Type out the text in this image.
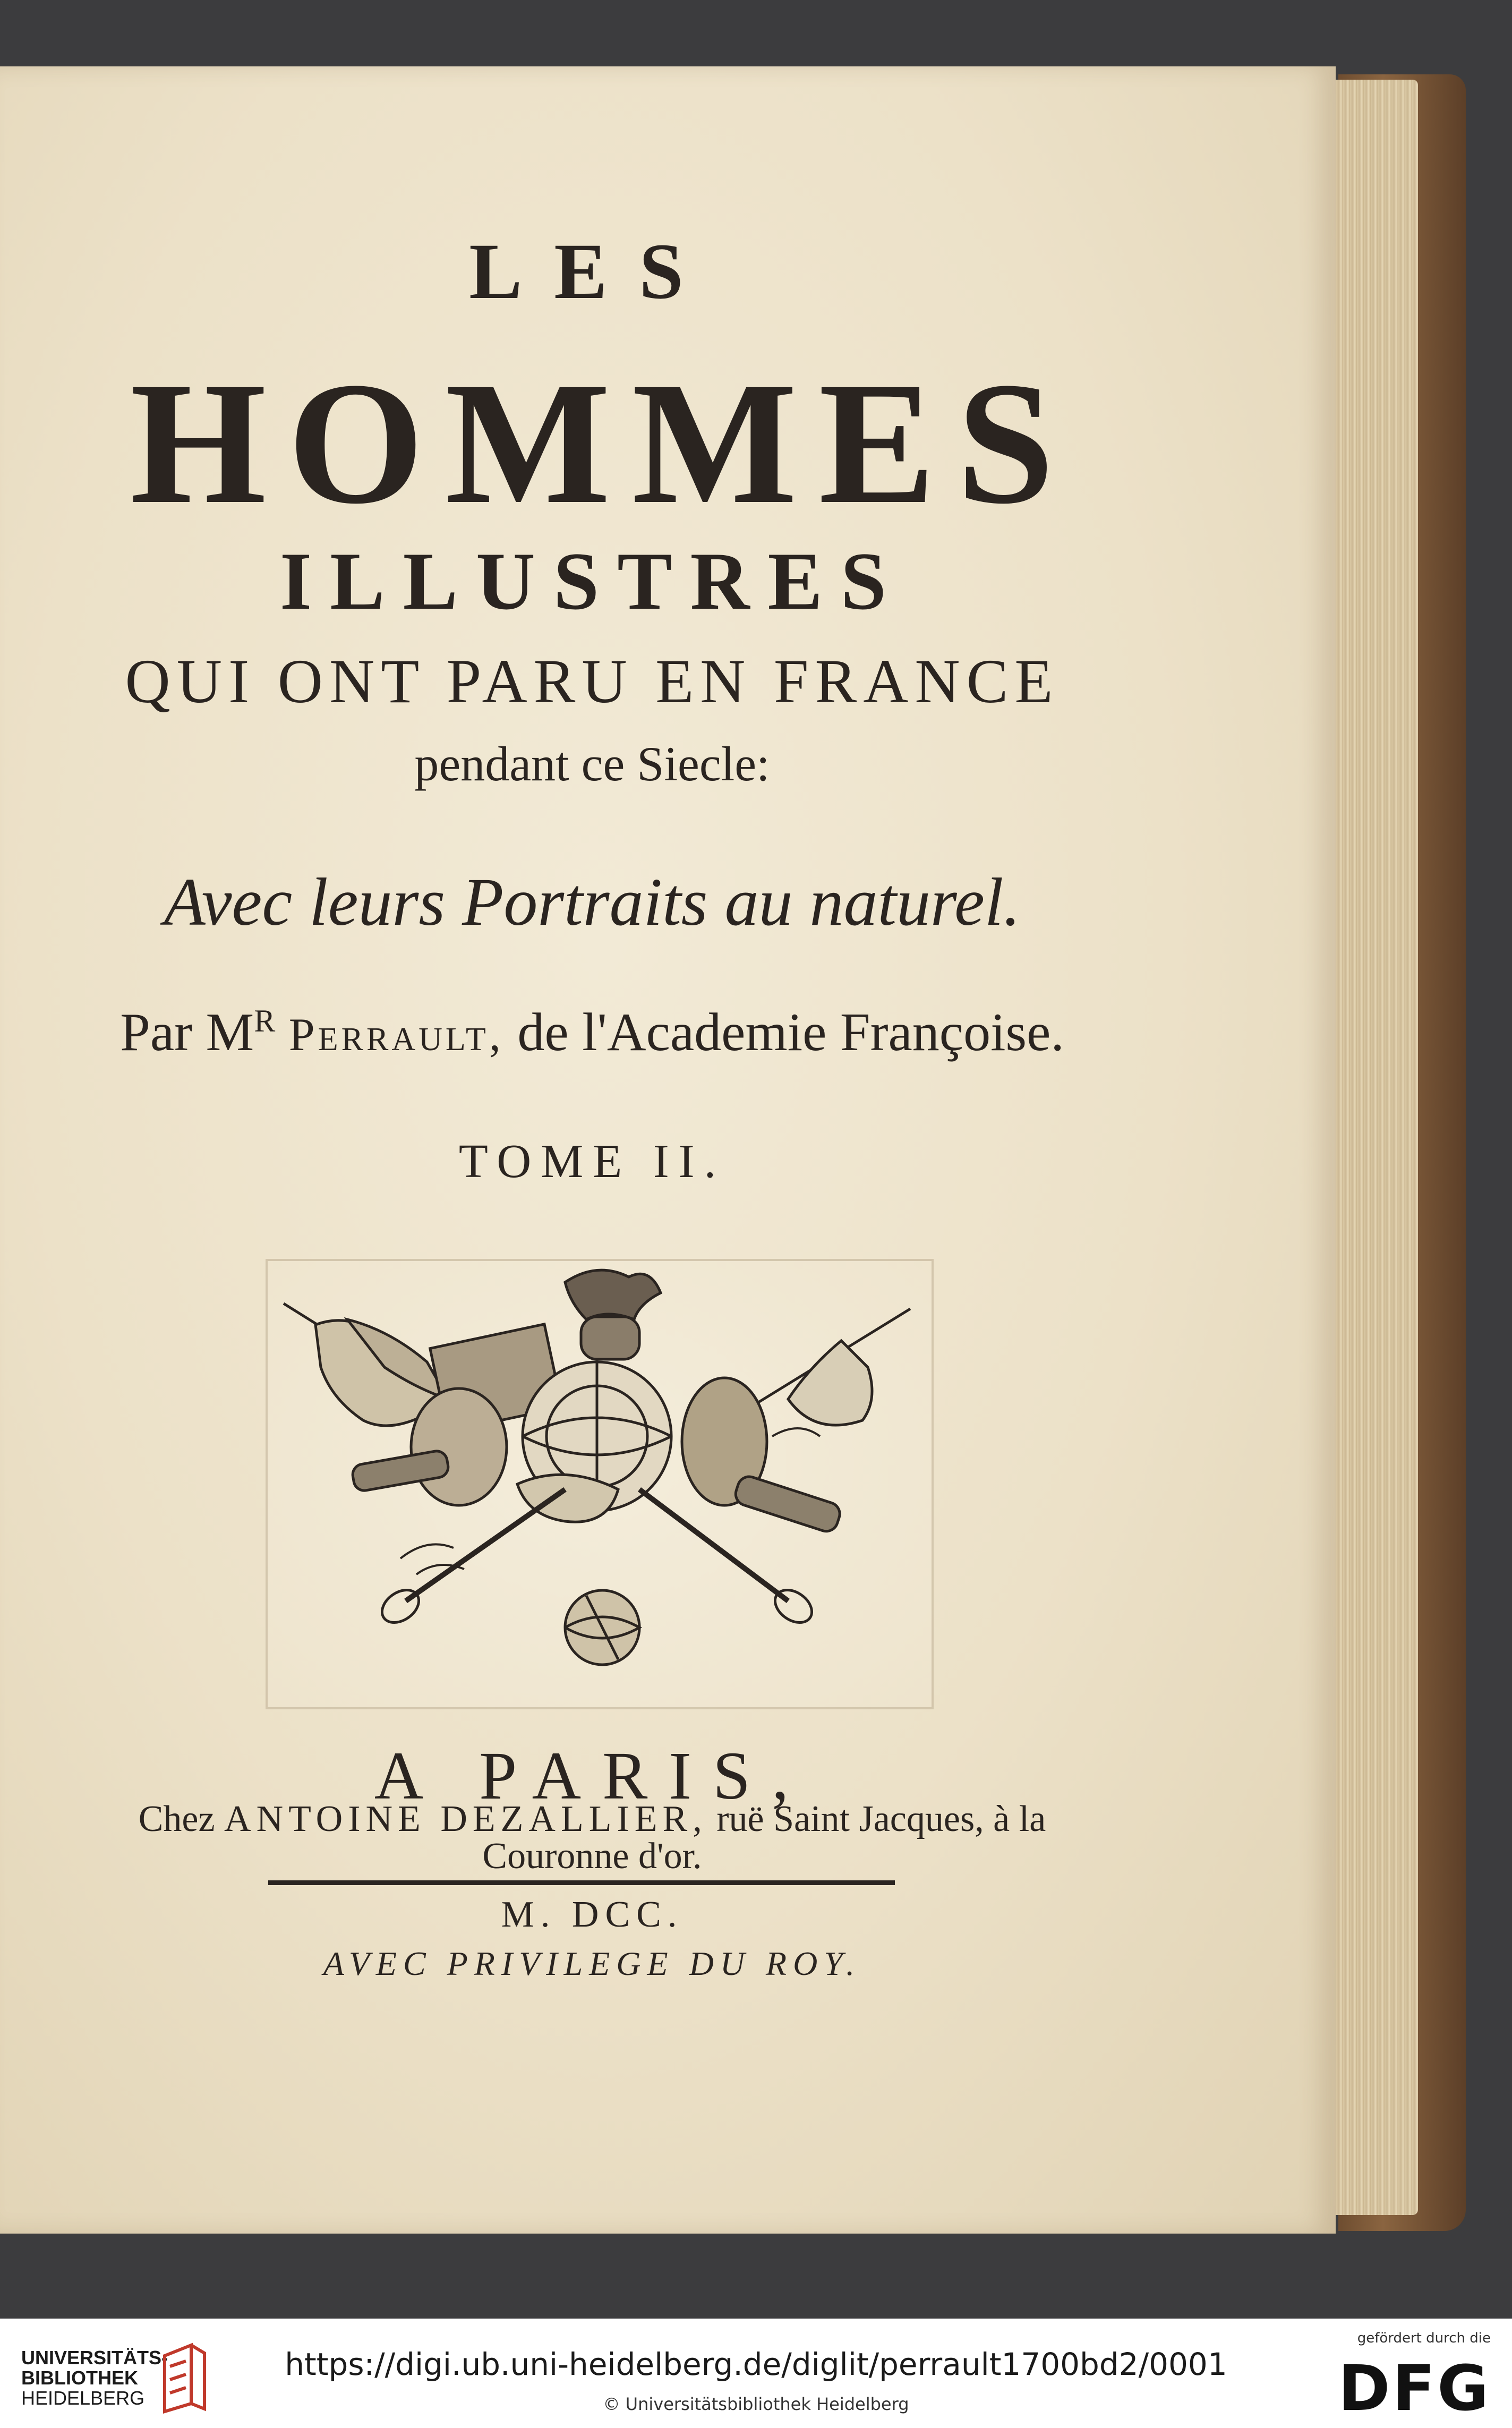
LES
HOMMES
ILLUSTRES
QUI ONT PARU EN FRANCE
pendant ce Siecle:
Avec leurs Portraits au naturel.
Par $M^R$ Perrault, de l'Academie Françoise.
TOME II.
A PARIS,
Chez ANTOINE DEZALLIER, ruë Saint Jacques, à la
Couronne d'or.
M. DCC.
AVEC PRIVILEGE DU ROY.
UNIVERSITÄTS-
BIBLIOTHEK
HEIDELBERG
https://digi.ub.uni-heidelberg.de/diglit/perrault1700bd2/0001
© Universitätsbibliothek Heidelberg
gefördert durch die
DFG
